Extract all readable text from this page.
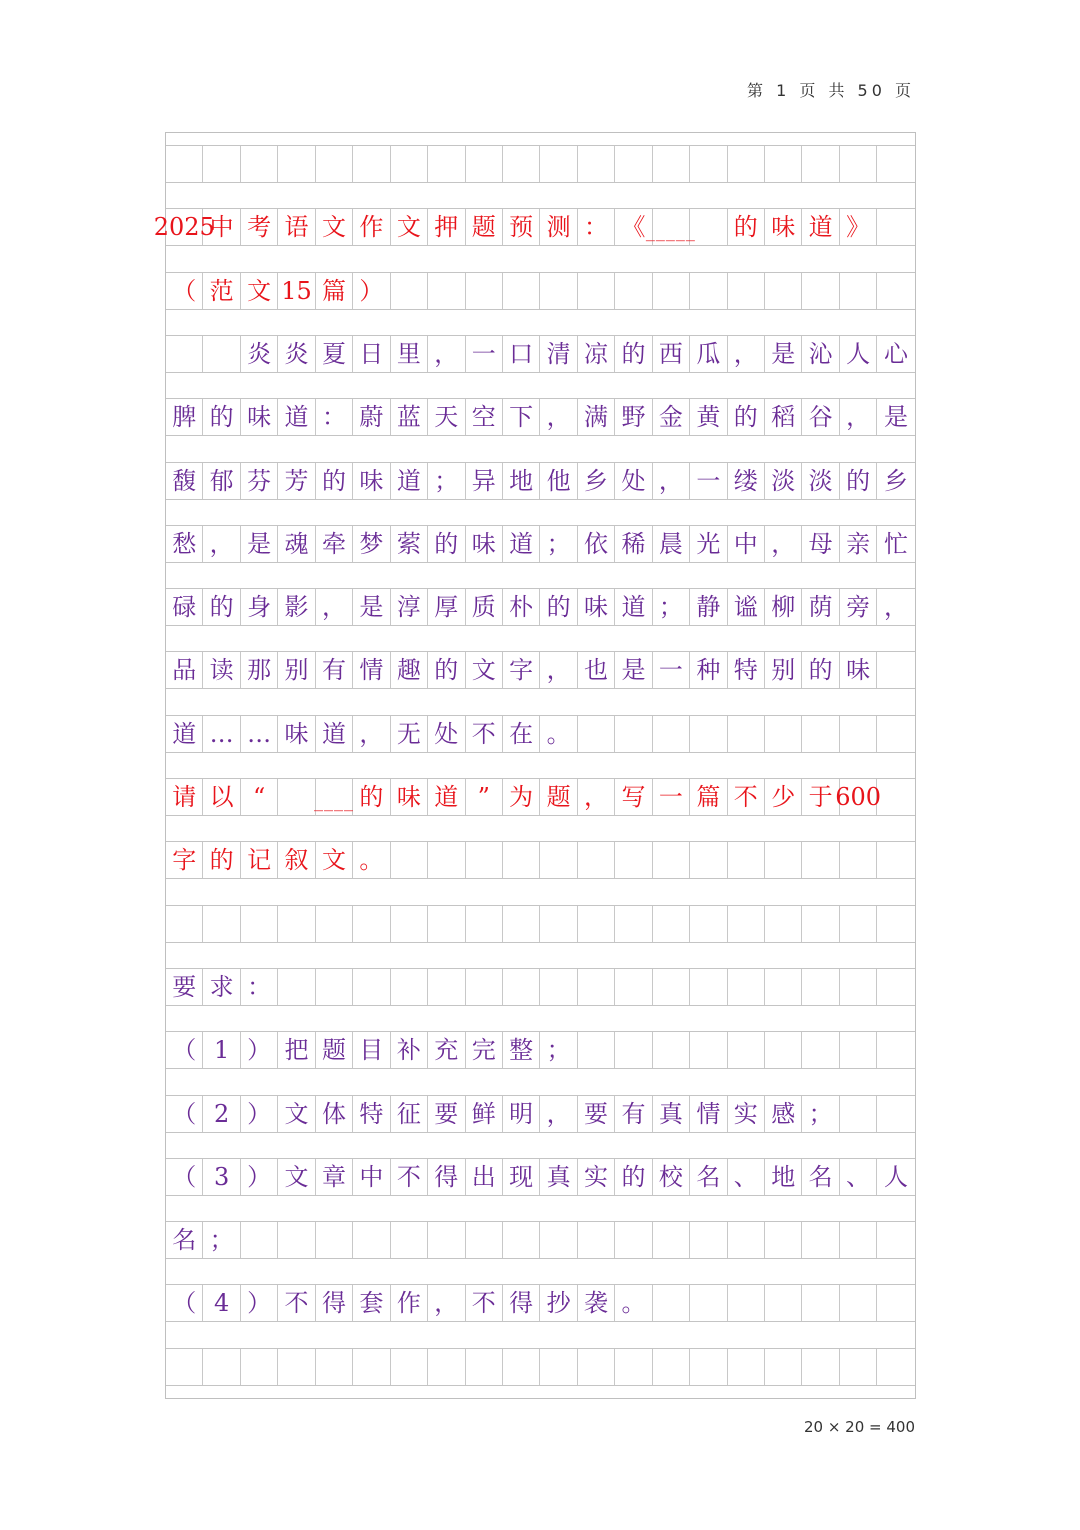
第 1 页 共 50 页
2025
中 考 语 文 作 文 押 题 预 测 ： 《 _____ 的 味 道 》
（ 范 文 15 篇 ）
炎 炎 夏 日 里 ， 一 口 清 凉 的 西 瓜 ， 是 沁 人 心
脾 的 味 道 ： 蔚 蓝 天 空 下 ， 满 野 金 黄 的 稻 谷 ， 是
馥 郁 芬 芳 的 味 道 ； 异 地 他 乡 处 ， 一 缕 淡 淡 的 乡
愁 ， 是 魂 牵 梦 萦 的 味 道 ； 依 稀 晨 光 中 ， 母 亲 忙
碌 的 身 影 ， 是 淳 厚 质 朴 的 味 道 ； 静 谧 柳 荫 旁 ，
品 读 那 别 有 情 趣 的 文 字 ， 也 是 一 种 特 别 的 味
道 … … 味 道 ， 无 处 不 在 。
请 以 “	____ 的 味 道 ” 为 题 ， 写 一 篇 不 少 于 600
字 的 记 叙 文 。
要 求 ：
（ 1 ） 把 题 目 补 充 完 整 ；
（ 2 ） 文 体 特 征 要 鲜 明 ， 要 有 真 情 实 感 ；
（ 3 ） 文 章 中 不 得 出 现 真 实 的 校 名 、 地 名 、 人
名 ；
（ 4 ） 不 得 套 作 ， 不 得 抄 袭 。
20 × 20 = 400
